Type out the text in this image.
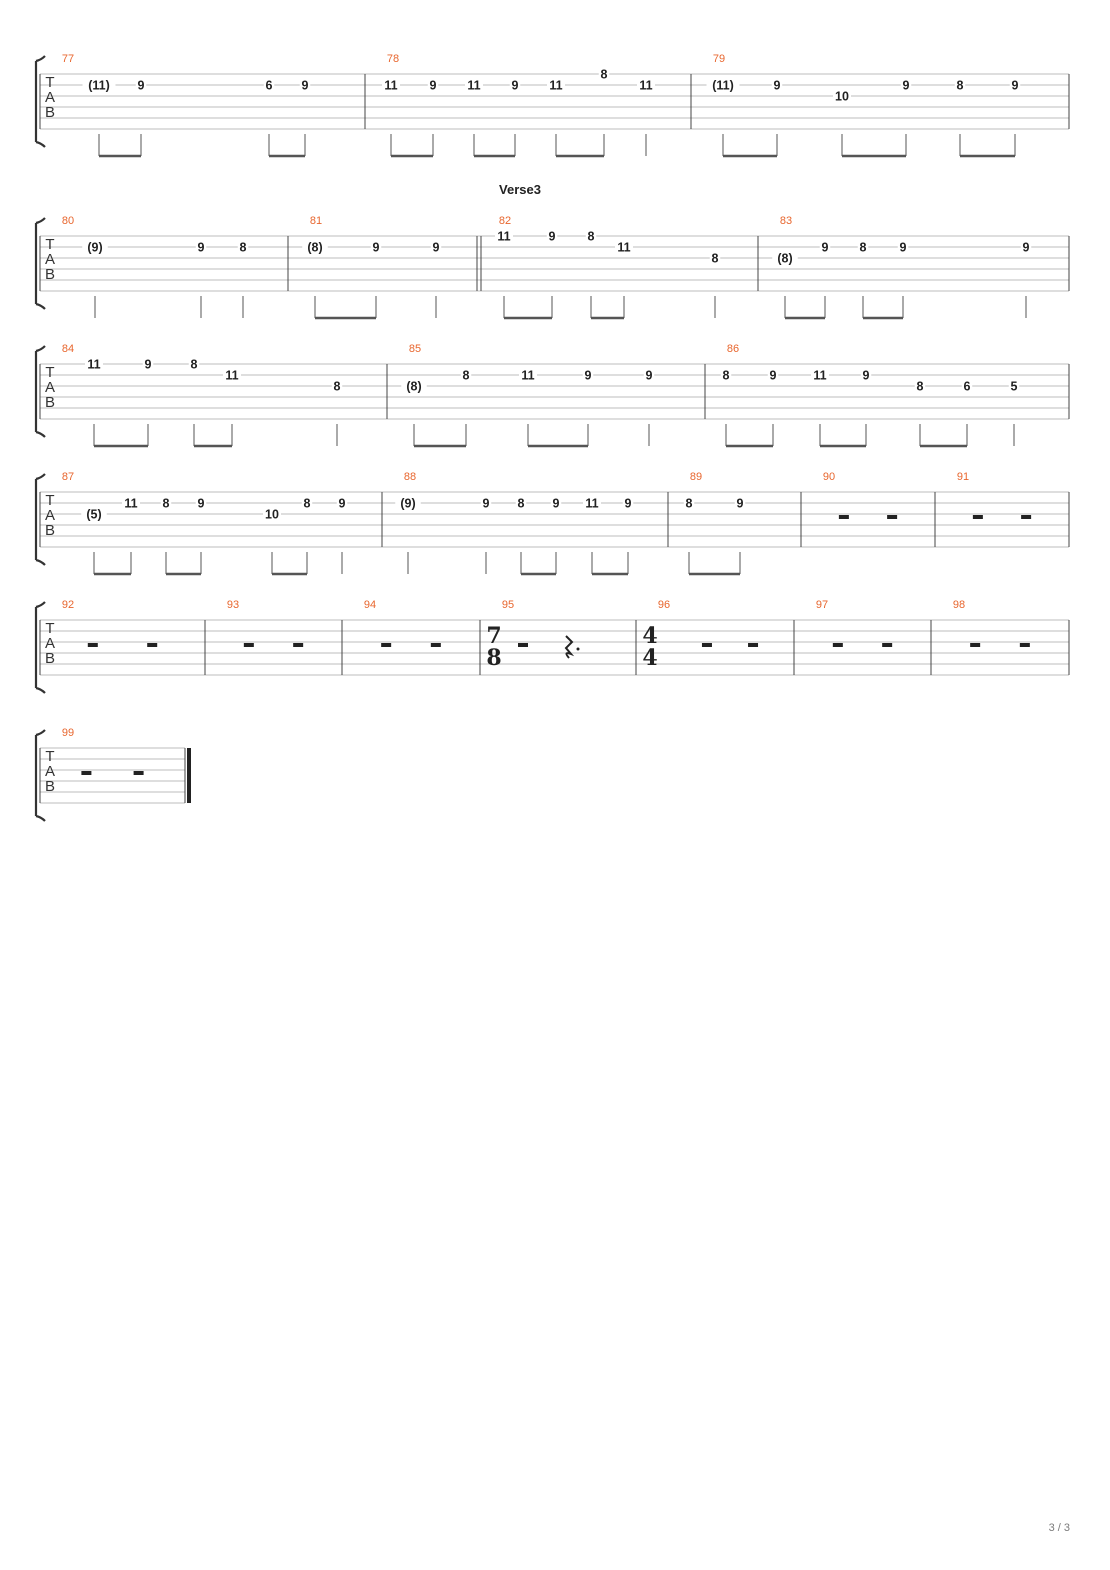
T
A
B
77
(11) 9	6 9
78
11	9 11 9 11
8
11
79
(11)	9
10
9	8	9
T
A
B
Verse3
80
(9)	9	8
81
(8)	9	9
82
11	9	8
11
8
83
(8)
9 8	9	9
T
A
B
84
11	9	8
11
8
85
(8)
8	11	9	9
86
8	9	11	9
8	6	5
T
A
B
87
(5)
11 8 9
10
8 9
88
(9)	9 8 9 11 9
89
8	9
90	91
T
A
B
92	93	94	95
7
8
96
4
4
97	98
T
A
B
99
3 / 3
